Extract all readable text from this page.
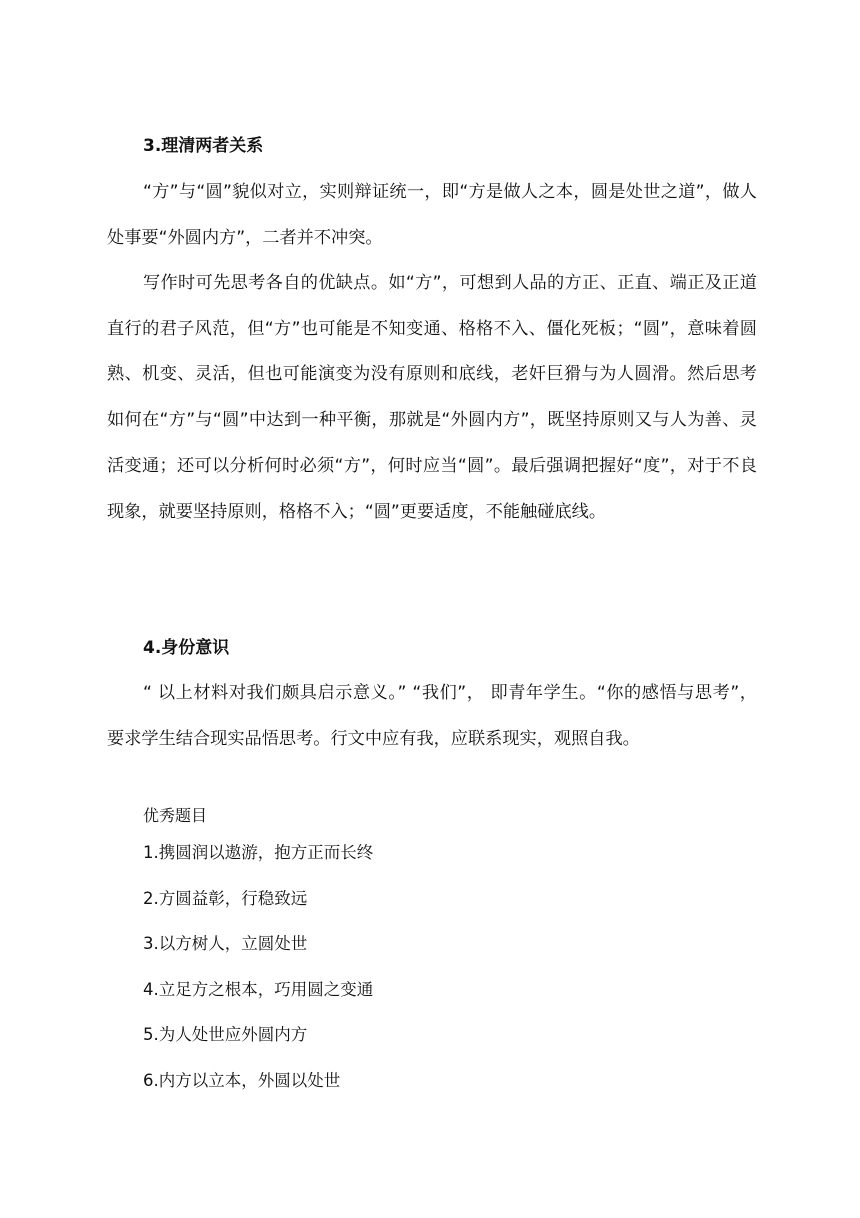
3.理清两者关系

“方”与“圆”貌似对立，实则辩证统一，即“方是做人之本，圆是处世之道”，做人处事要“外圆内方”，二者并不冲突。

写作时可先思考各自的优缺点。如“方”，可想到人品的方正、正直、端正及正道直行的君子风范，但“方”也可能是不知变通、格格不入、僵化死板；“圆”，意味着圆熟、机变、灵活，但也可能演变为没有原则和底线，老奸巨猾与为人圆滑。然后思考如何在“方”与“圆”中达到一种平衡，那就是“外圆内方”，既坚持原则又与人为善、灵活变通；还可以分析何时必须“方”，何时应当“圆”。最后强调把握好“度”，对于不良现象，就要坚持原则，格格不入；“圆”更要适度，不能触碰底线。

4.身份意识

“ 以上材料对我们颇具启示意义。” “我们”， 即青年学生。“你的感悟与思考”， 要求学生结合现实品悟思考。行文中应有我，应联系现实，观照自我。

优秀题目
1.携圆润以遨游，抱方正而长终
2.方圆益彰，行稳致远
3.以方树人，立圆处世
4.立足方之根本，巧用圆之变通
5.为人处世应外圆内方
6.内方以立本，外圆以处世
